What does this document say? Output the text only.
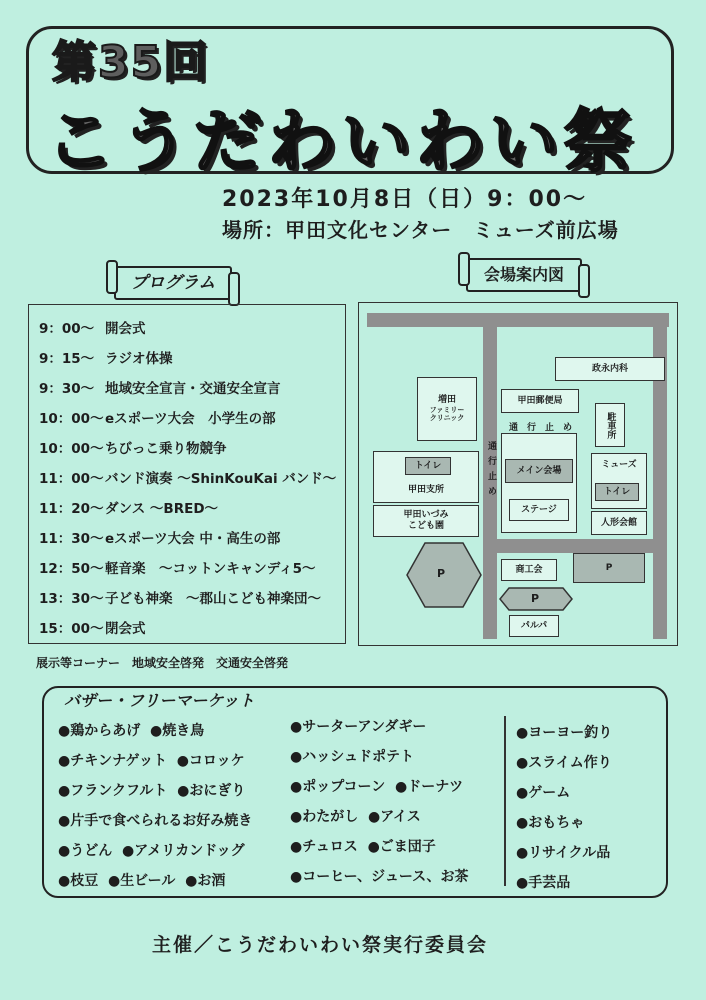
第35回
こうだわいわい祭
2023年10月8日（日）9：00～
場所：甲田文化センター　ミューズ前広場
プログラム
9：00～ 開会式
9：15～ ラジオ体操
9：30～ 地域安全宣言・交通安全宣言
10：00～eスポーツ大会　小学生の部
10：00～ちびっこ乗り物競争
11：00～バンド演奏 ～ShinKouKai バンド～
11：20～ダンス ～BRED～
11：30～eスポーツ大会 中・高生の部
12：50～軽音楽　～コットンキャンディ5～
13：30～子ども神楽　～郡山こども神楽団～
15：00～閉会式
展示等コーナー　地域安全啓発　交通安全啓発
会場案内図
政永内科
増田
ファミリー
クリニック
甲田郵便局
駐車所
通　行　止　め
通行止め
甲田支所
トイレ	メイン会場
ステージ
ミューズ
トイレ
甲田いづみ
こども園	人形会館
P	商工会	P
P
パルパ
バザー・フリーマーケット
●鶏からあげ ●焼き鳥
●チキンナゲット ●コロッケ
●フランクフルト ●おにぎり
●片手で食べられるお好み焼き
●うどん ●アメリカンドッグ
●枝豆 ●生ビール ●お酒
●サーターアンダギー
●ハッシュドポテト
●ポップコーン ●ドーナツ
●わたがし ●アイス
●チュロス ●ごま団子
●コーヒー、ジュース、お茶
●ヨーヨー釣り
●スライム作り
●ゲーム
●おもちゃ
●リサイクル品
●手芸品
主催／こうだわいわい祭実行委員会
